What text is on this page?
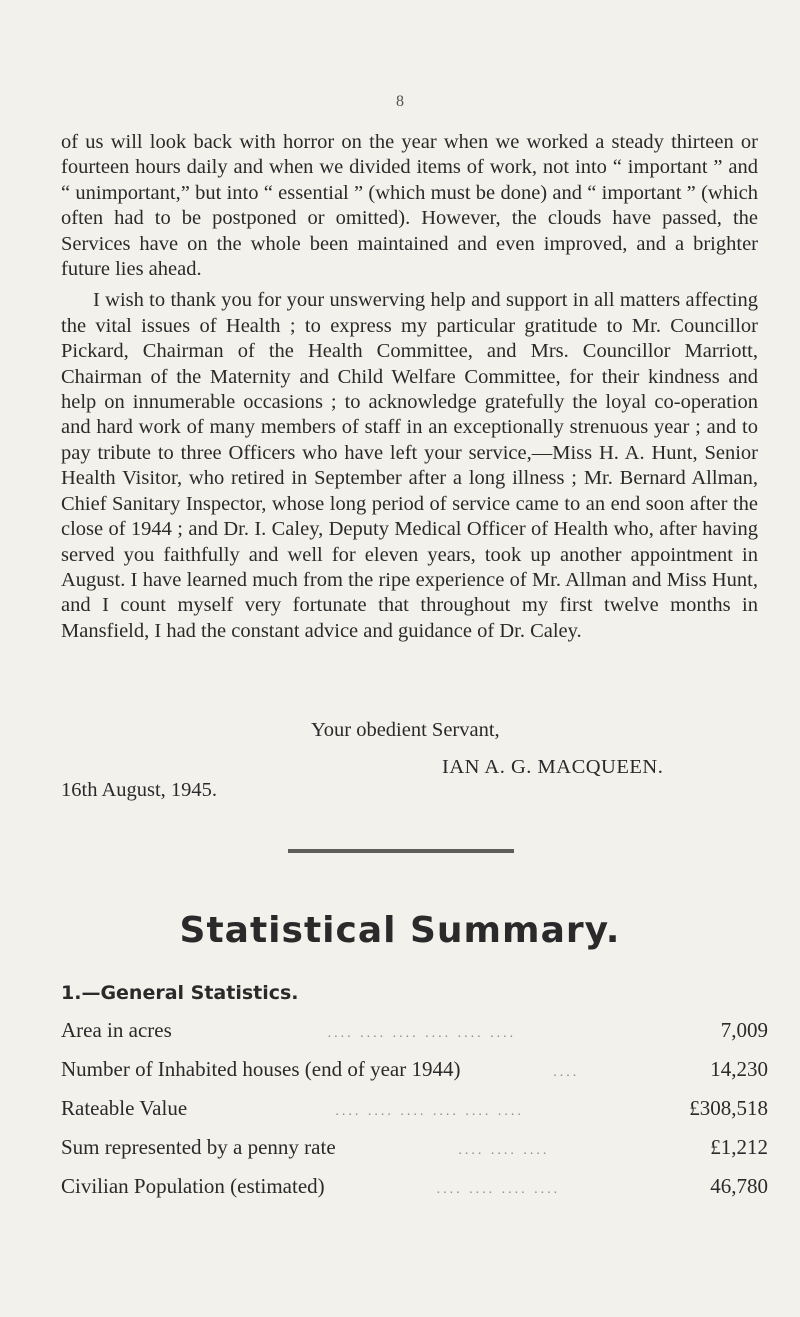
8

of us will look back with horror on the year when we worked a steady thirteen or fourteen hours daily and when we divided items of work, not into “ important ” and “ unimportant,” but into “ essential ” (which must be done) and “ important ” (which often had to be postponed or omitted). However, the clouds have passed, the Services have on the whole been maintained and even improved, and a brighter future lies ahead.

I wish to thank you for your unswerving help and support in all matters affecting the vital issues of Health ; to express my particular gratitude to Mr. Councillor Pickard, Chairman of the Health Committee, and Mrs. Councillor Marriott, Chairman of the Maternity and Child Welfare Committee, for their kindness and help on innumerable occasions ; to acknowledge gratefully the loyal co-operation and hard work of many members of staff in an exceptionally strenuous year ; and to pay tribute to three Officers who have left your service,—Miss H. A. Hunt, Senior Health Visitor, who retired in September after a long illness ; Mr. Bernard Allman, Chief Sanitary Inspector, whose long period of service came to an end soon after the close of 1944 ; and Dr. I. Caley, Deputy Medical Officer of Health who, after having served you faithfully and well for eleven years, took up another appointment in August. I have learned much from the ripe experience of Mr. Allman and Miss Hunt, and I count myself very fortunate that throughout my first twelve months in Mansfield, I had the constant advice and guidance of Dr. Caley.

Your obedient Servant,
IAN A. G. MACQUEEN.
16th August, 1945.
Statistical Summary.
1.—General Statistics.
Area in acres	.... .... .... .... .... ....	7,009
Number of Inhabited houses (end of year 1944)	....	14,230
Rateable Value	.... .... .... .... .... ....	£308,518
Sum represented by a penny rate	.... .... ....	£1,212
Civilian Population (estimated)	.... .... .... ....	46,780
